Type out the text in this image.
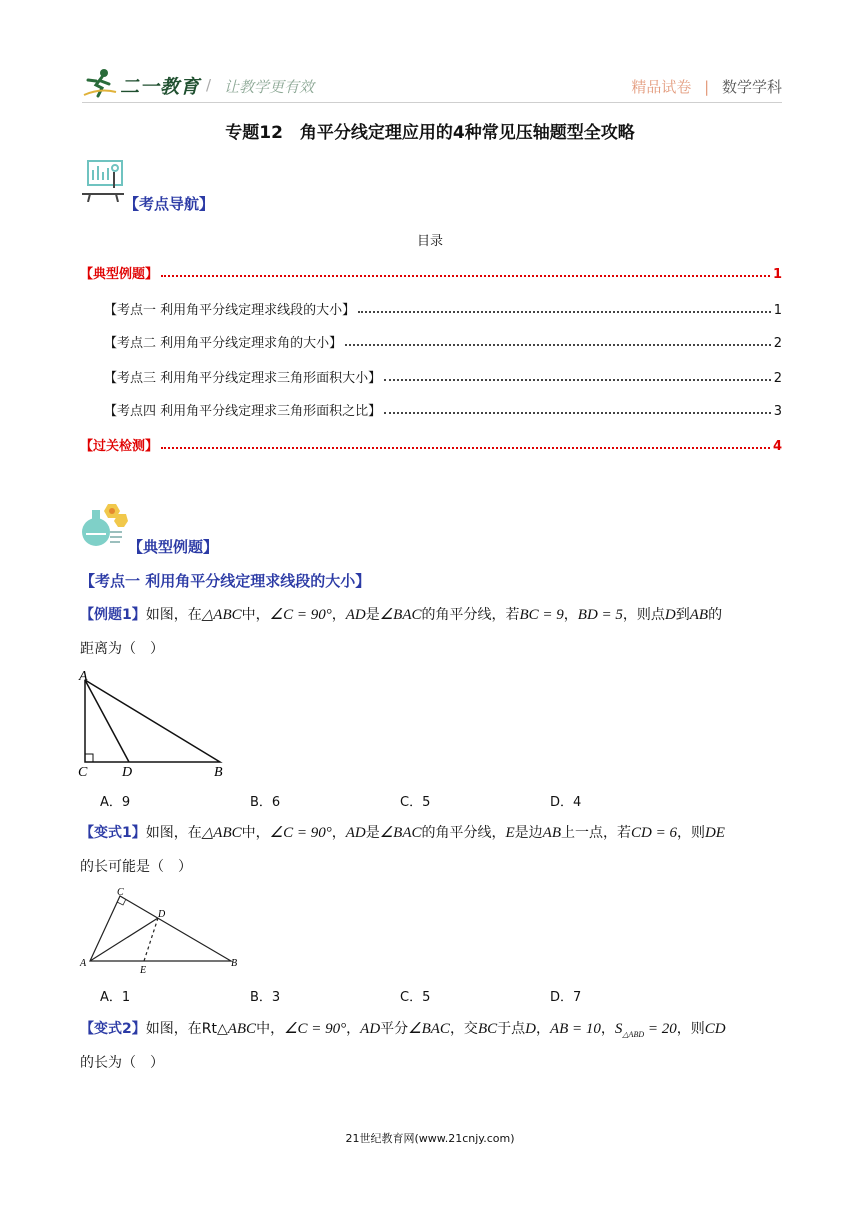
二一教育 / 让教学更有效	精品试卷 | 数学学科
专题12　角平分线定理应用的4种常见压轴题型全攻略
【考点导航】
目录
【典型例题】	1
【考点一 利用角平分线定理求线段的大小】	1
【考点二 利用角平分线定理求角的大小】	2
【考点三 利用角平分线定理求三角形面积大小】	2
【考点四 利用角平分线定理求三角形面积之比】	3
【过关检测】	4
【典型例题】
【考点一 利用角平分线定理求线段的大小】
【例题1】如图，在△ABC中，∠C = 90°，AD是∠BAC的角平分线，若BC = 9，BD = 5，则点D到AB的
距离为（　）
A
C D	B
A．9	B．6	C．5	D．4
【变式1】如图，在△ABC中，∠C = 90°，AD是∠BAC的角平分线，E是边AB上一点，若CD = 6，则DE
的长可能是（　）
C
D
A
E
B
A．1	B．3	C．5	D．7
【变式2】如图，在Rt△ABC中，∠C = 90°，AD平分∠BAC，交BC于点D，AB = 10，$S_{\triangle ABD} = 20$，则CD
的长为（　）
21世纪教育网(www.21cnjy.com)
